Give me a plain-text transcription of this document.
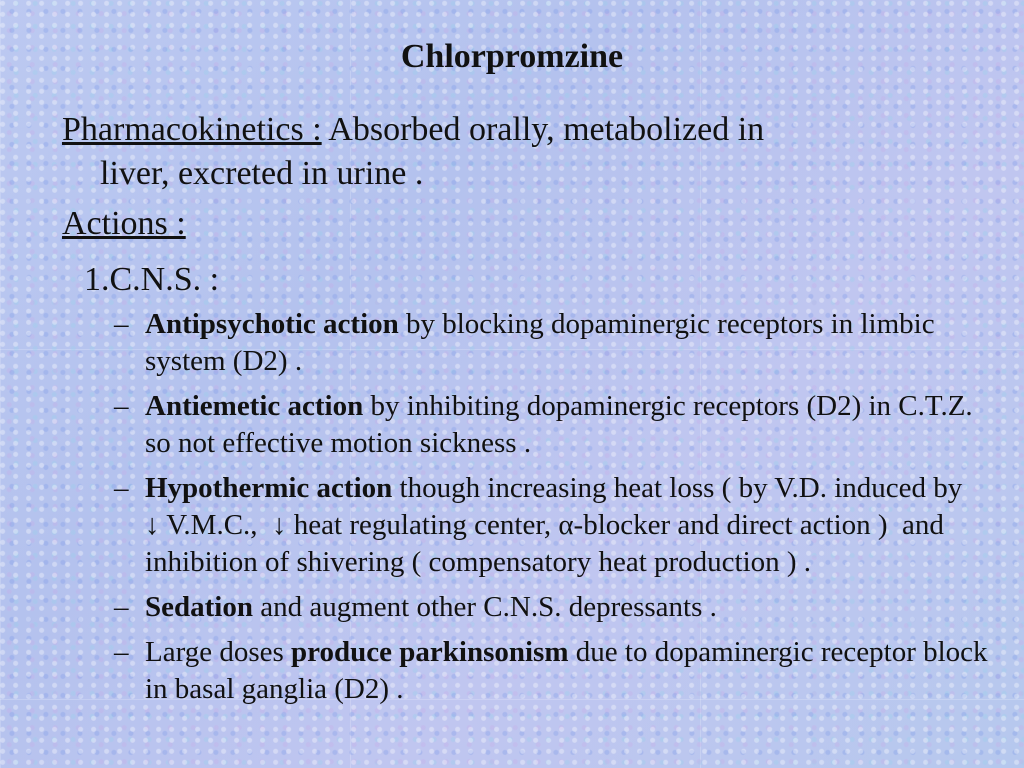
Chlorpromzine
Pharmacokinetics : Absorbed orally, metabolized in
liver, excreted in urine .
Actions :
1.C.N.S. :
– Antipsychotic action by blocking dopaminergic receptors in limbic system (D2) .
– Antiemetic action by inhibiting dopaminergic receptors (D2) in C.T.Z. so not effective motion sickness .
– Hypothermic action though increasing heat loss ( by V.D. induced by     ↓ V.M.C.,  ↓ heat regulating center, α-blocker and direct action )  and inhibition of shivering ( compensatory heat production ) .
– Sedation and augment other C.N.S. depressants .
– Large doses produce parkinsonism due to dopaminergic receptor block in basal ganglia (D2) .
